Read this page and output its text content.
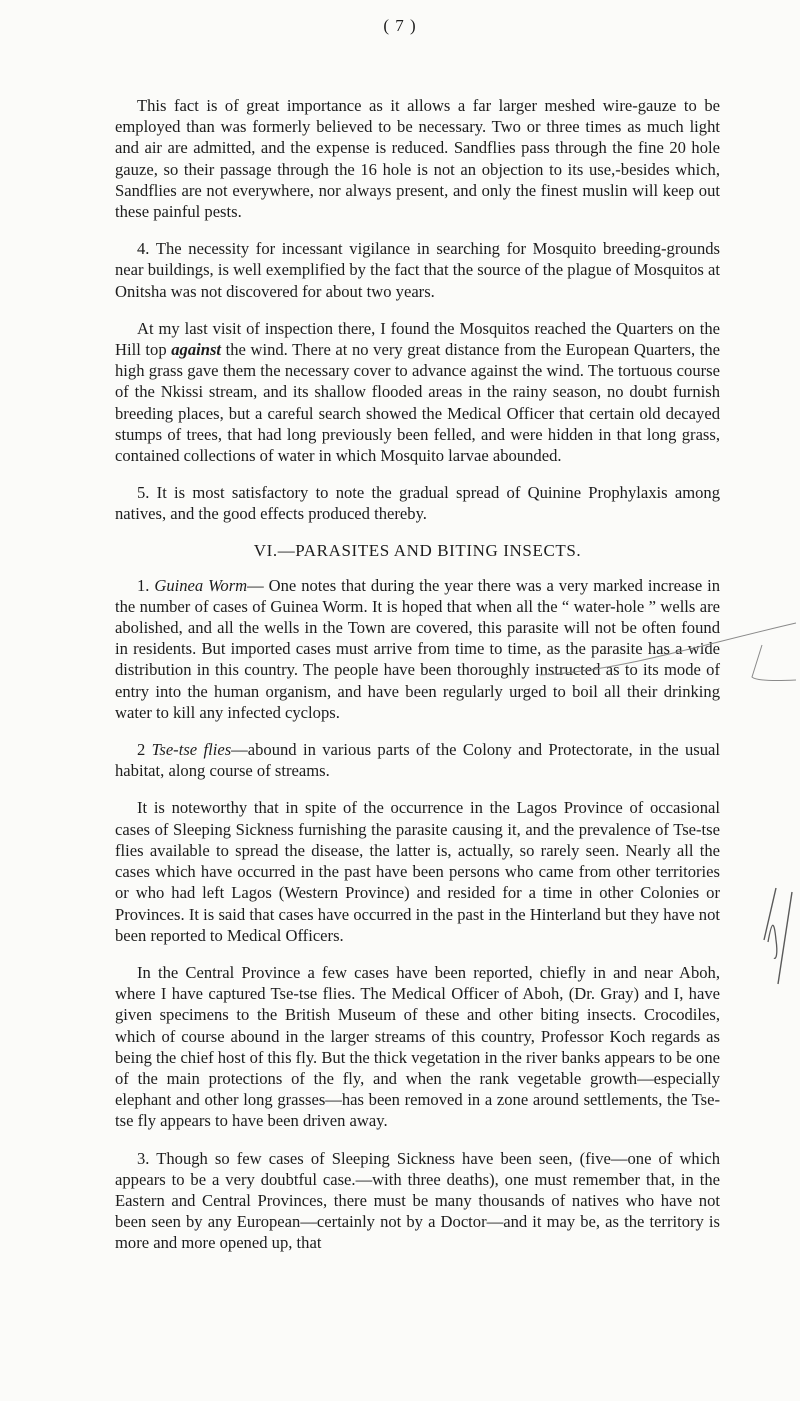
( 7 )

This fact is of great importance as it allows a far larger meshed wire-gauze to be employed than was formerly believed to be necessary. Two or three times as much light and air are admitted, and the expense is reduced. Sandflies pass through the fine 20 hole gauze, so their passage through the 16 hole is not an objection to its use,-besides which, Sandflies are not everywhere, nor always present, and only the finest muslin will keep out these painful pests.

4. The necessity for incessant vigilance in searching for Mosquito breeding-grounds near buildings, is well exemplified by the fact that the source of the plague of Mosquitos at Onitsha was not discovered for about two years.

At my last visit of inspection there, I found the Mosquitos reached the Quarters on the Hill top against the wind. There at no very great distance from the European Quarters, the high grass gave them the necessary cover to advance against the wind. The tortuous course of the Nkissi stream, and its shallow flooded areas in the rainy season, no doubt furnish breeding places, but a careful search showed the Medical Officer that certain old decayed stumps of trees, that had long previously been felled, and were hidden in that long grass, contained collections of water in which Mosquito larvae abounded.

5. It is most satisfactory to note the gradual spread of Quinine Prophylaxis among natives, and the good effects produced thereby.

VI.—PARASITES AND BITING INSECTS.

1. Guinea Worm— One notes that during the year there was a very marked increase in the number of cases of Guinea Worm. It is hoped that when all the “ water-hole ” wells are abolished, and all the wells in the Town are covered, this parasite will not be often found in residents. But imported cases must arrive from time to time, as the parasite has a wide distribution in this country. The people have been thoroughly instructed as to its mode of entry into the human organism, and have been regularly urged to boil all their drinking water to kill any infected cyclops.

2 Tse-tse flies—abound in various parts of the Colony and Protectorate, in the usual habitat, along course of streams.

It is noteworthy that in spite of the occurrence in the Lagos Province of occasional cases of Sleeping Sickness furnishing the parasite causing it, and the prevalence of Tse-tse flies available to spread the disease, the latter is, actually, so rarely seen. Nearly all the cases which have occurred in the past have been persons who came from other territories or who had left Lagos (Western Province) and resided for a time in other Colonies or Provinces. It is said that cases have occurred in the past in the Hinterland but they have not been reported to Medical Officers.

In the Central Province a few cases have been reported, chiefly in and near Aboh, where I have captured Tse-tse flies. The Medical Officer of Aboh, (Dr. Gray) and I, have given specimens to the British Museum of these and other biting insects. Crocodiles, which of course abound in the larger streams of this country, Professor Koch regards as being the chief host of this fly. But the thick vegetation in the river banks appears to be one of the main protections of the fly, and when the rank vegetable growth—especially elephant and other long grasses—has been removed in a zone around settlements, the Tse-tse fly appears to have been driven away.

3. Though so few cases of Sleeping Sickness have been seen, (five—one of which appears to be a very doubtful case.—with three deaths), one must remember that, in the Eastern and Central Provinces, there must be many thousands of natives who have not been seen by any European—certainly not by a Doctor—and it may be, as the territory is more and more opened up, that
